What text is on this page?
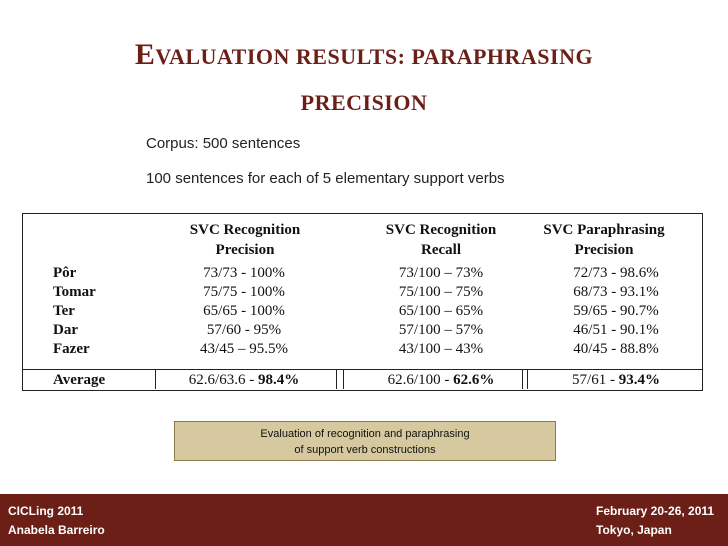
EVALUATION RESULTS: PARAPHRASING
PRECISION
Corpus: 500 sentences
100 sentences for each of 5 elementary support verbs
SVC Recognition
Precision
SVC Recognition
Recall
SVC Paraphrasing
Precision
Pôr	73/73 - 100%	73/100 – 73%	72/73 - 98.6%
Tomar	75/75 - 100%	75/100 – 75%	68/73 - 93.1%
Ter	65/65 - 100%	65/100 – 65%	59/65 - 90.7%
Dar	57/60 - 95%	57/100 – 57%	46/51 - 90.1%
Fazer	43/45 – 95.5%	43/100 – 43%	40/45 - 88.8%
Average	62.6/63.6 - 98.4%	62.6/100 - 62.6%	57/61 - 93.4%
Evaluation of recognition and paraphrasing
of support verb constructions
CICLing 2011
Anabela Barreiro
February 20-26, 2011
Tokyo, Japan
